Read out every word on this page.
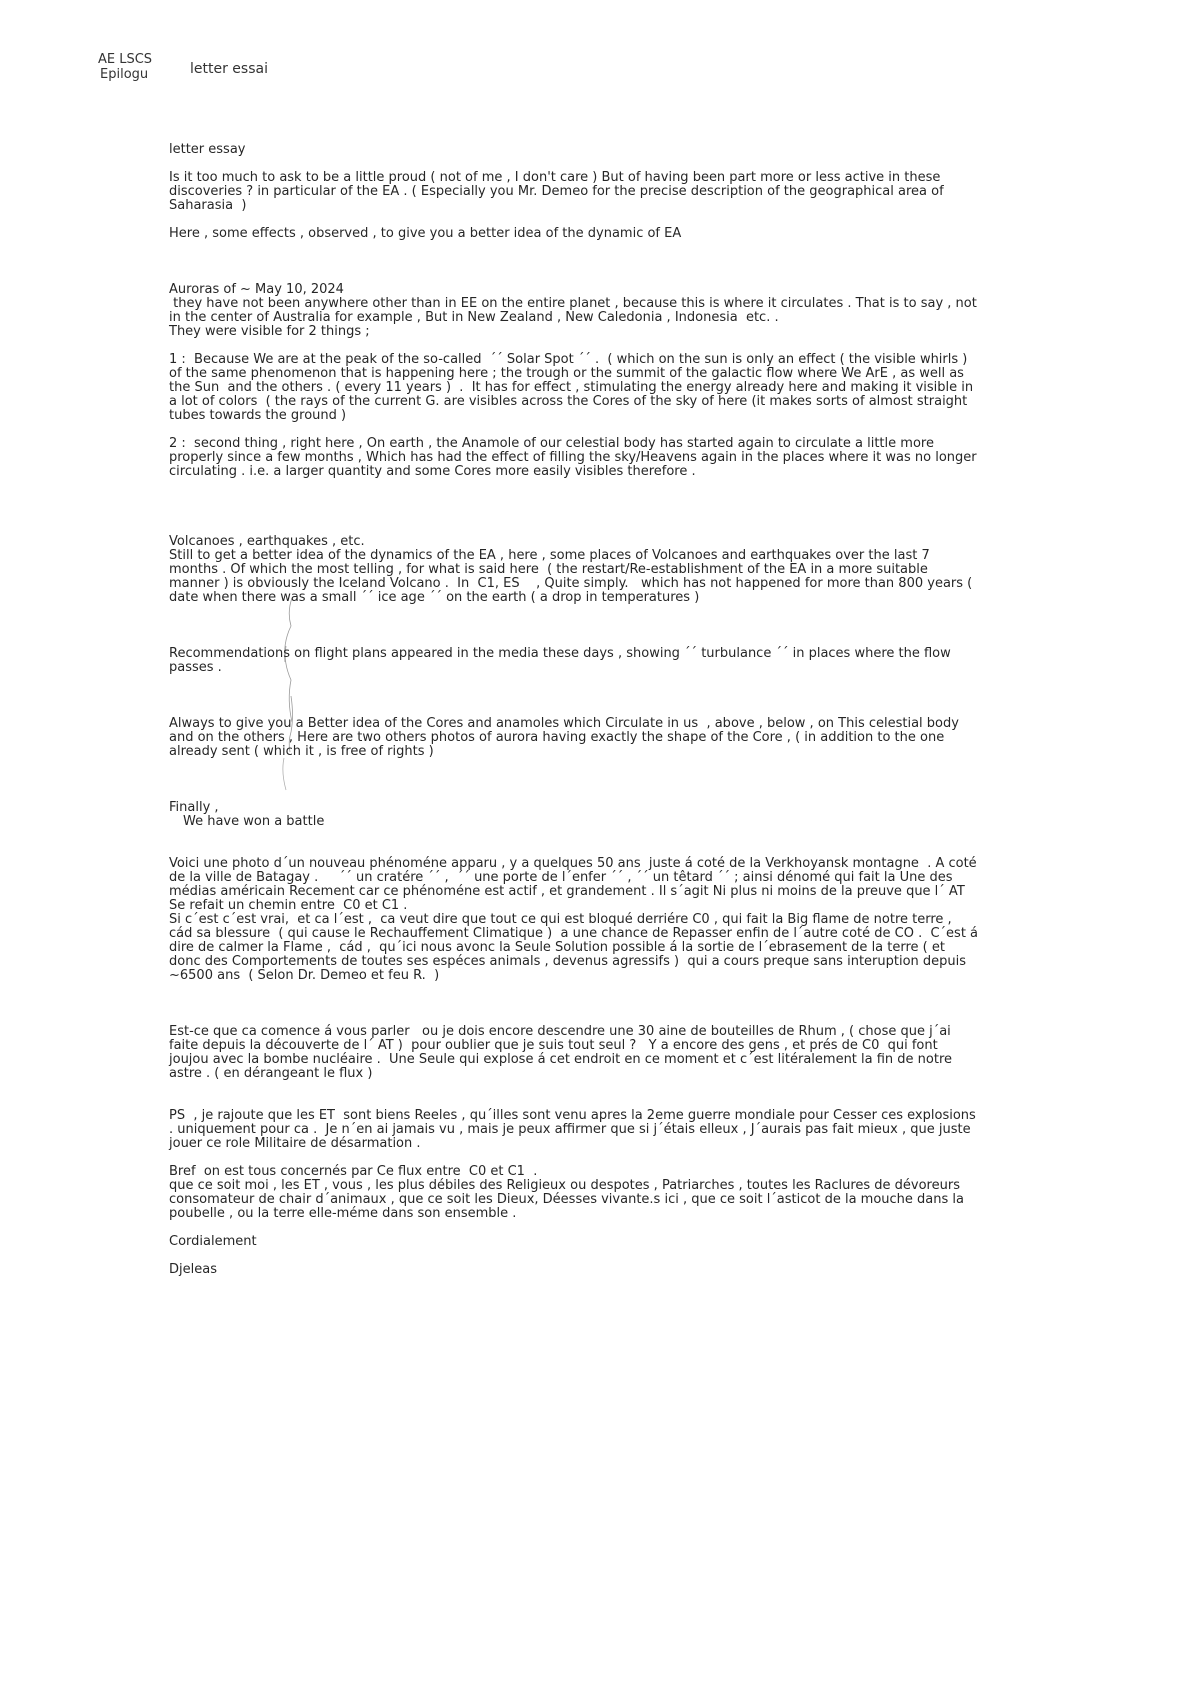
AE LSCS
Epilogu	letter essai

letter essay

Is it too much to ask to be a little proud ( not of me , I don't care ) But of having been part more or less active in these discoveries ? in particular of the EA . ( Especially you Mr. Demeo for the precise description of the geographical area of Saharasia  )

Here , some effects , observed , to give you a better idea of the dynamic of EA

Auroras of ~ May 10, 2024

they have not been anywhere other than in EE on the entire planet , because this is where it circulates . That is to say , not in the center of Australia for example , But in New Zealand , New Caledonia , Indonesia  etc. .

They were visible for 2 things ;

1 :  Because We are at the peak of the so-called  ´´ Solar Spot ´´ .  ( which on the sun is only an effect ( the visible whirls ) of the same phenomenon that is happening here ; the trough or the summit of the galactic flow where We ArE , as well as the Sun  and the others . ( every 11 years )  .  It has for effect , stimulating the energy already here and making it visible in a lot of colors  ( the rays of the current G. are visibles across the Cores of the sky of here (it makes sorts of almost straight tubes towards the ground )

2 :  second thing , right here , On earth , the Anamole of our celestial body has started again to circulate a little more properly since a few months , Which has had the effect of filling the sky/Heavens again in the places where it was no longer circulating . i.e. a larger quantity and some Cores more easily visibles therefore .

Volcanoes , earthquakes , etc.

Still to get a better idea of the dynamics of the EA , here , some places of Volcanoes and earthquakes over the last 7 months . Of which the most telling , for what is said here  ( the restart/Re-establishment of the EA in a more suitable manner ) is obviously the Iceland Volcano .  In  C1, ES    , Quite simply.   which has not happened for more than 800 years ( date when there was a small ´´ ice age ´´ on the earth ( a drop in temperatures )

Recommendations on flight plans appeared in the media these days , showing ´´ turbulance ´´ in places where the flow passes .

Always to give you a Better idea of the Cores and anamoles which Circulate in us  , above , below , on This celestial body and on the others , Here are two others photos of aurora having exactly the shape of the Core , ( in addition to the one already sent ( which it , is free of rights )

Finally ,

We have won a battle

Voici une photo d´un nouveau phénoméne apparu , y a quelques 50 ans  juste á coté de la Verkhoyansk montagne  . A coté de la ville de Batagay .     ´´ un cratére ´´ ,  ´´ une porte de l´enfer ´´ , ´´ un têtard ´´ ; ainsi dénomé qui fait la Une des médias américain Recement car ce phénoméne est actif , et grandement . Il s´agit Ni plus ni moins de la preuve que l´ AT Se refait un chemin entre  C0 et C1 .

Si c´est c´est vrai,  et ca l´est ,  ca veut dire que tout ce qui est bloqué derriére C0 , qui fait la Big flame de notre terre , cád sa blessure  ( qui cause le Rechauffement Climatique )  a une chance de Repasser enfin de l´autre coté de CO .  C´est á dire de calmer la Flame ,  cád ,  qu´ici nous avonc la Seule Solution possible á la sortie de l´ebrasement de la terre ( et donc des Comportements de toutes ses espéces animals , devenus agressifs )  qui a cours preque sans interuption depuis ~6500 ans  ( Selon Dr. Demeo et feu R.  )

Est-ce que ca comence á vous parler   ou je dois encore descendre une 30 aine de bouteilles de Rhum , ( chose que j´ai faite depuis la découverte de l´ AT )  pour oublier que je suis tout seul ?   Y a encore des gens , et prés de C0  qui font joujou avec la bombe nucléaire .  Une Seule qui explose á cet endroit en ce moment et c´est litéralement la fin de notre astre . ( en dérangeant le flux )

PS  , je rajoute que les ET  sont biens Reeles , qu´illes sont venu apres la 2eme guerre mondiale pour Cesser ces explosions . uniquement pour ca .  Je n´en ai jamais vu , mais je peux affirmer que si j´étais elleux , J´aurais pas fait mieux , que juste jouer ce role Militaire de désarmation .

Bref  on est tous concernés par Ce flux entre  C0 et C1  .

que ce soit moi , les ET , vous , les plus débiles des Religieux ou despotes , Patriarches , toutes les Raclures de dévoreurs consomateur de chair d´animaux , que ce soit les Dieux, Déesses vivante.s ici , que ce soit l´asticot de la mouche dans la poubelle , ou la terre elle-méme dans son ensemble .

Cordialement

Djeleas
